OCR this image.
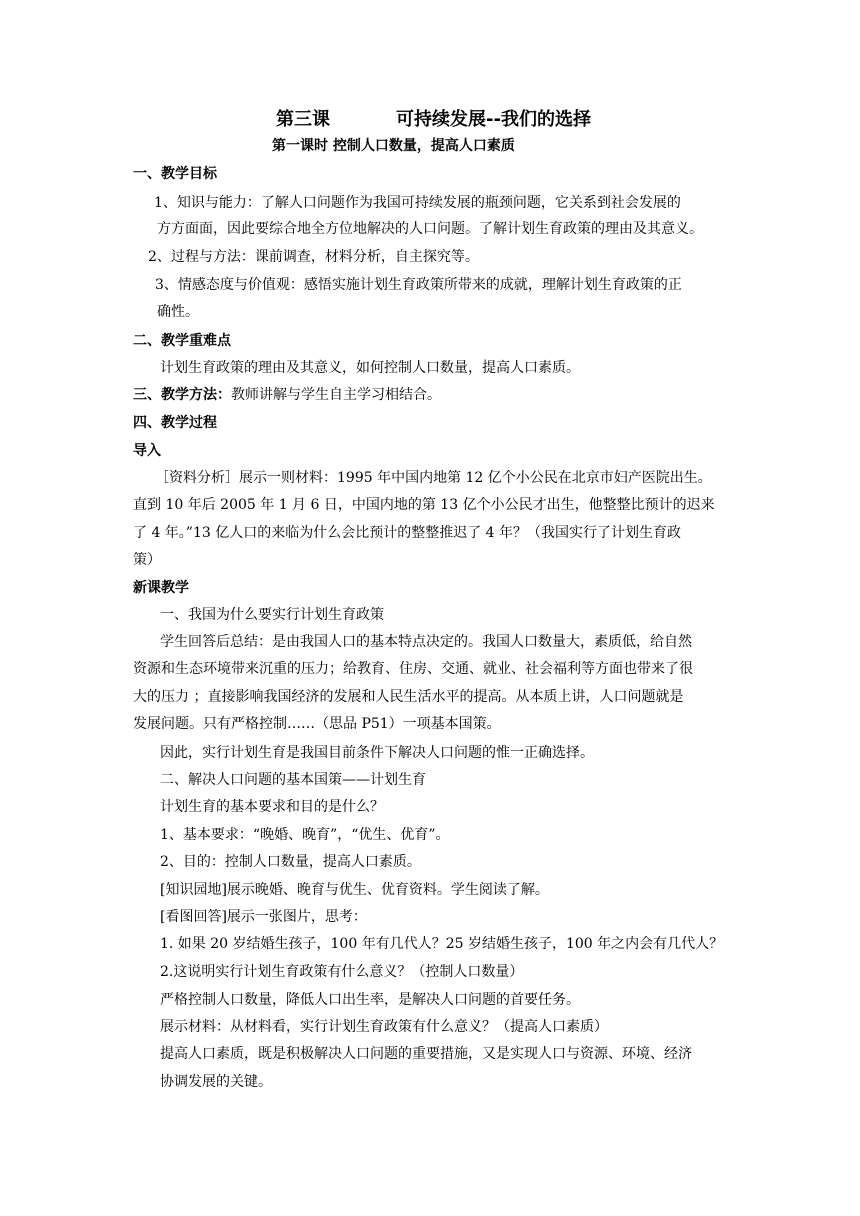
第三课	可持续发展--我们的选择
第一课时 控制人口数量，提高人口素质
一、教学目标
1、知识与能力：了解人口问题作为我国可持续发展的瓶颈问题，它关系到社会发展的
方方面面，因此要综合地全方位地解决的人口问题。了解计划生育政策的理由及其意义。
2、过程与方法：课前调查，材料分析，自主探究等。
3、情感态度与价值观：感悟实施计划生育政策所带来的成就，理解计划生育政策的正
确性。
二、教学重难点
计划生育政策的理由及其意义，如何控制人口数量，提高人口素质。
三、教学方法：教师讲解与学生自主学习相结合。
四、教学过程
导入
［资料分析］展示一则材料：1995 年中国内地第 12 亿个小公民在北京市妇产医院出生。
直到 10 年后 2005 年 1 月 6 日，中国内地的第 13 亿个小公民才出生，他整整比预计的迟来
了 4 年。”13 亿人口的来临为什么会比预计的整整推迟了 4 年？（我国实行了计划生育政
策）
新课教学
一、我国为什么要实行计划生育政策
学生回答后总结：是由我国人口的基本特点决定的。我国人口数量大，素质低，给自然
资源和生态环境带来沉重的压力；给教育、住房、交通、就业、社会福利等方面也带来了很
大的压力 ；直接影响我国经济的发展和人民生活水平的提高。从本质上讲，人口问题就是
发展问题。只有严格控制……（思品 P51）一项基本国策。
因此，实行计划生育是我国目前条件下解决人口问题的惟一正确选择。
二、解决人口问题的基本国策——计划生育
计划生育的基本要求和目的是什么？
1、基本要求：“晚婚、晚育”，“优生、优育”。
2、目的：控制人口数量，提高人口素质。
[知识园地]展示晚婚、晚育与优生、优育资料。学生阅读了解。
[看图回答]展示一张图片，思考：
1. 如果 20 岁结婚生孩子，100 年有几代人？25 岁结婚生孩子，100 年之内会有几代人？
2.这说明实行计划生育政策有什么意义？（控制人口数量）
严格控制人口数量，降低人口出生率，是解决人口问题的首要任务。
展示材料：从材料看，实行计划生育政策有什么意义？（提高人口素质）
提高人口素质，既是积极解决人口问题的重要措施，又是实现人口与资源、环境、经济
协调发展的关键。
